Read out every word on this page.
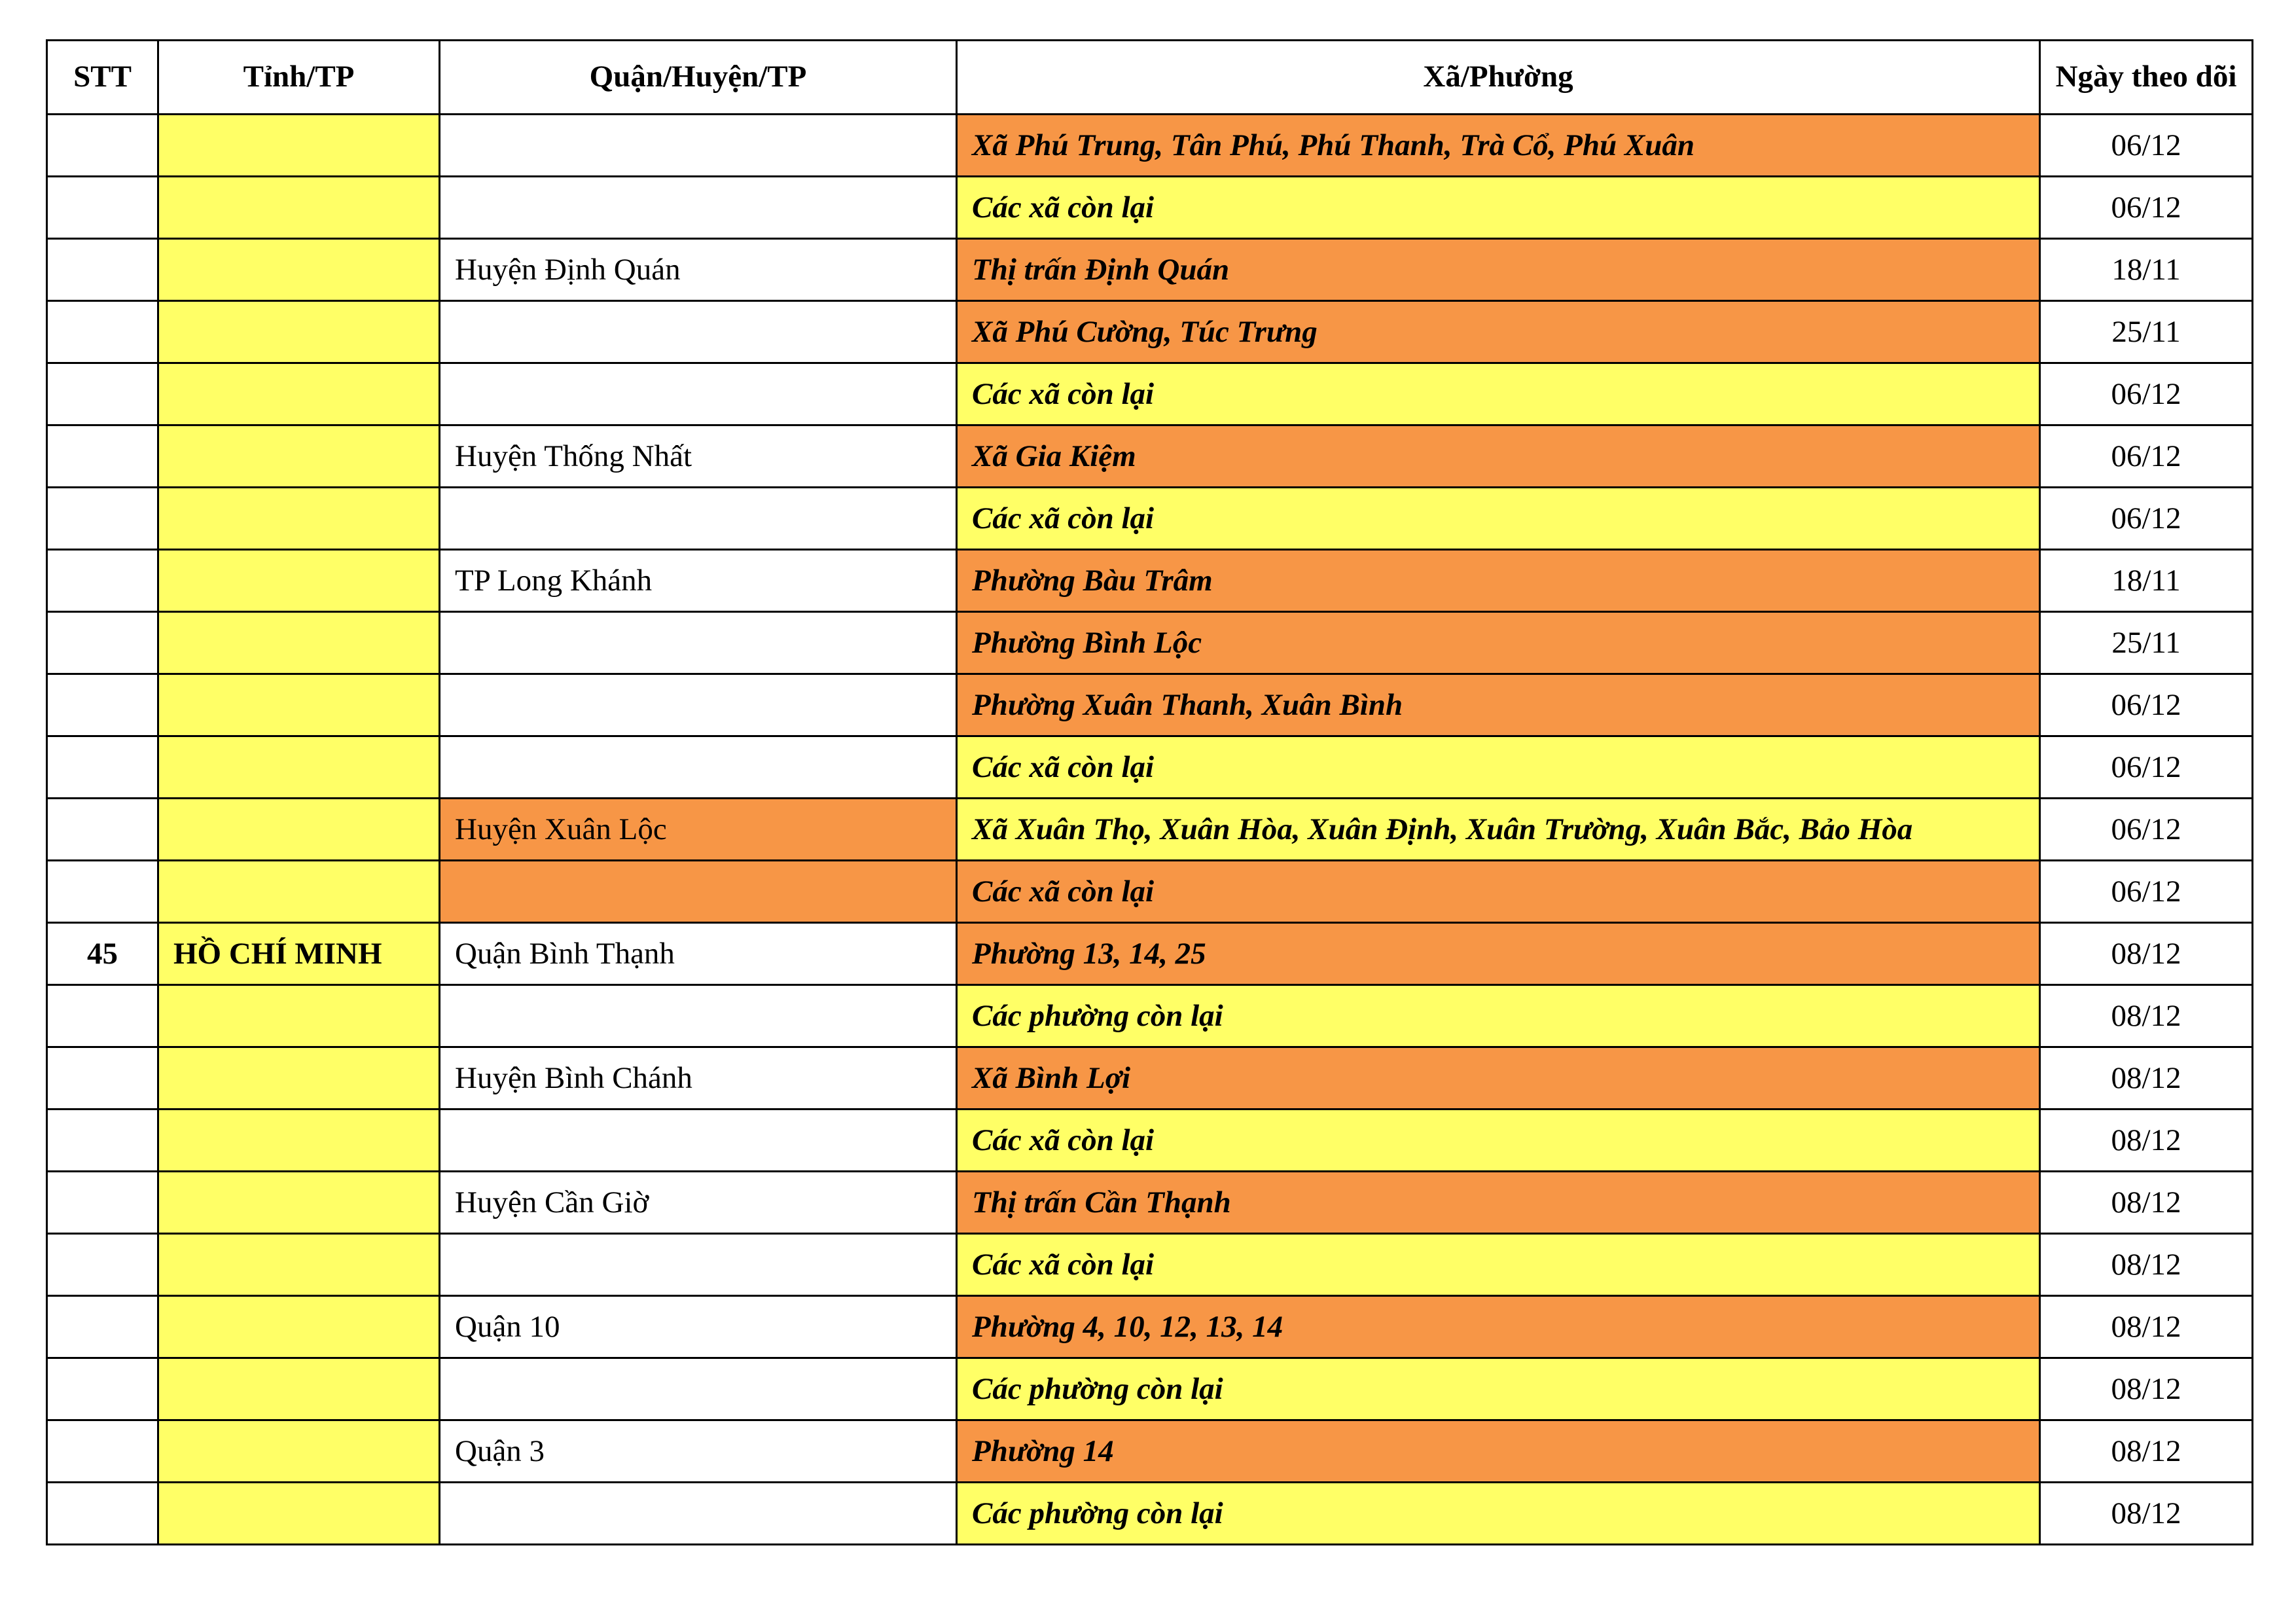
STT	Tỉnh/TP	Quận/Huyện/TP	Xã/Phường	Ngày theo dõi
			Xã Phú Trung, Tân Phú, Phú Thanh, Trà Cổ, Phú Xuân	06/12
			Các xã còn lại	06/12
		Huyện Định Quán	Thị trấn Định Quán	18/11
			Xã Phú Cường, Túc Trưng	25/11
			Các xã còn lại	06/12
		Huyện Thống Nhất	Xã Gia Kiệm	06/12
			Các xã còn lại	06/12
		TP Long Khánh	Phường Bàu Trâm	18/11
			Phường Bình Lộc	25/11
			Phường Xuân Thanh, Xuân Bình	06/12
			Các xã còn lại	06/12
		Huyện Xuân Lộc	Xã Xuân Thọ, Xuân Hòa, Xuân Định, Xuân Trường, Xuân Bắc, Bảo Hòa	06/12
			Các xã còn lại	06/12
45	HỒ CHÍ MINH	Quận Bình Thạnh	Phường 13, 14, 25	08/12
			Các phường còn lại	08/12
		Huyện Bình Chánh	Xã Bình Lợi	08/12
			Các xã còn lại	08/12
		Huyện Cần Giờ	Thị trấn Cần Thạnh	08/12
			Các xã còn lại	08/12
		Quận 10	Phường 4, 10, 12, 13, 14	08/12
			Các phường còn lại	08/12
		Quận 3	Phường 14	08/12
			Các phường còn lại	08/12
